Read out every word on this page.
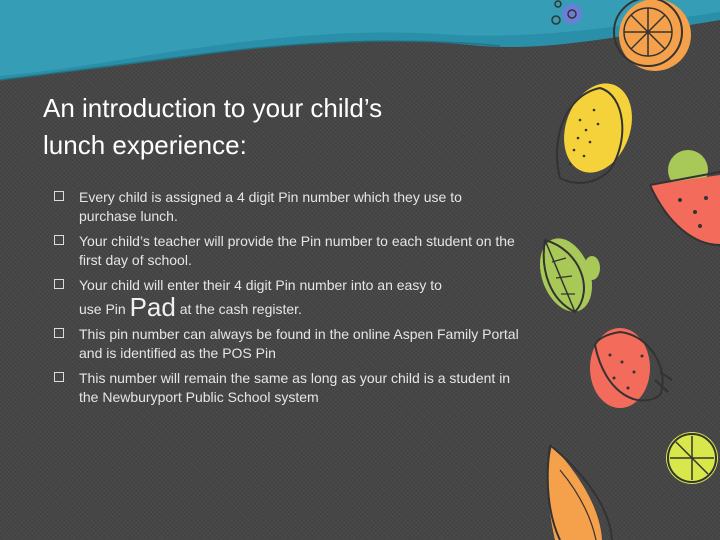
An introduction to your child’s
lunch experience:
Every child is assigned a 4 digit Pin number which they use to purchase lunch.
Your child’s teacher will provide the Pin number to each student on the first day of school.
Your child will enter their 4 digit Pin number into an easy to
use Pin Pad at the cash register.
This pin number can always be found in the online Aspen Family Portal and is identified as the POS Pin
This number will remain the same as long as your child is a student in the Newburyport Public School system
